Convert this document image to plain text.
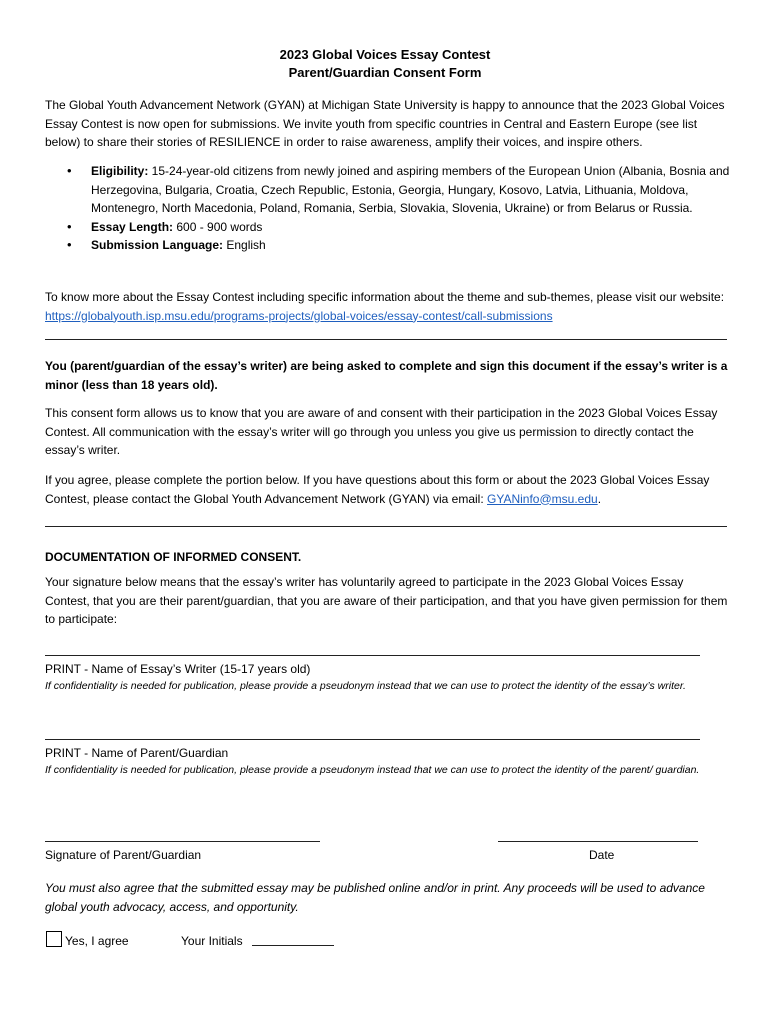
2023 Global Voices Essay Contest
Parent/Guardian Consent Form
The Global Youth Advancement Network (GYAN) at Michigan State University is happy to announce that the 2023 Global Voices Essay Contest is now open for submissions. We invite youth from specific countries in Central and Eastern Europe (see list below) to share their stories of RESILIENCE in order to raise awareness, amplify their voices, and inspire others.
• Eligibility: 15-24-year-old citizens from newly joined and aspiring members of the European Union (Albania, Bosnia and Herzegovina, Bulgaria, Croatia, Czech Republic, Estonia, Georgia, Hungary, Kosovo, Latvia, Lithuania, Moldova, Montenegro, North Macedonia, Poland, Romania, Serbia, Slovakia, Slovenia, Ukraine) or from Belarus or Russia.
• Essay Length: 600 - 900 words
• Submission Language: English
To know more about the Essay Contest including specific information about the theme and sub-themes, please visit our website: https://globalyouth.isp.msu.edu/programs-projects/global-voices/essay-contest/call-submissions
You (parent/guardian of the essay’s writer) are being asked to complete and sign this document if the essay’s writer is a minor (less than 18 years old).
This consent form allows us to know that you are aware of and consent with their participation in the 2023 Global Voices Essay Contest. All communication with the essay’s writer will go through you unless you give us permission to directly contact the essay’s writer.
If you agree, please complete the portion below. If you have questions about this form or about the 2023 Global Voices Essay Contest, please contact the Global Youth Advancement Network (GYAN) via email: GYANinfo@msu.edu.
DOCUMENTATION OF INFORMED CONSENT.
Your signature below means that the essay’s writer has voluntarily agreed to participate in the 2023 Global Voices Essay Contest, that you are their parent/guardian, that you are aware of their participation, and that you have given permission for them to participate:
PRINT - Name of Essay’s Writer (15-17 years old)
If confidentiality is needed for publication, please provide a pseudonym instead that we can use to protect the identity of the essay’s writer.
PRINT - Name of Parent/Guardian
If confidentiality is needed for publication, please provide a pseudonym instead that we can use to protect the identity of the parent/ guardian.
Signature of Parent/Guardian	Date
You must also agree that the submitted essay may be published online and/or in print. Any proceeds will be used to advance global youth advocacy, access, and opportunity.
Yes, I agree	Your Initials
